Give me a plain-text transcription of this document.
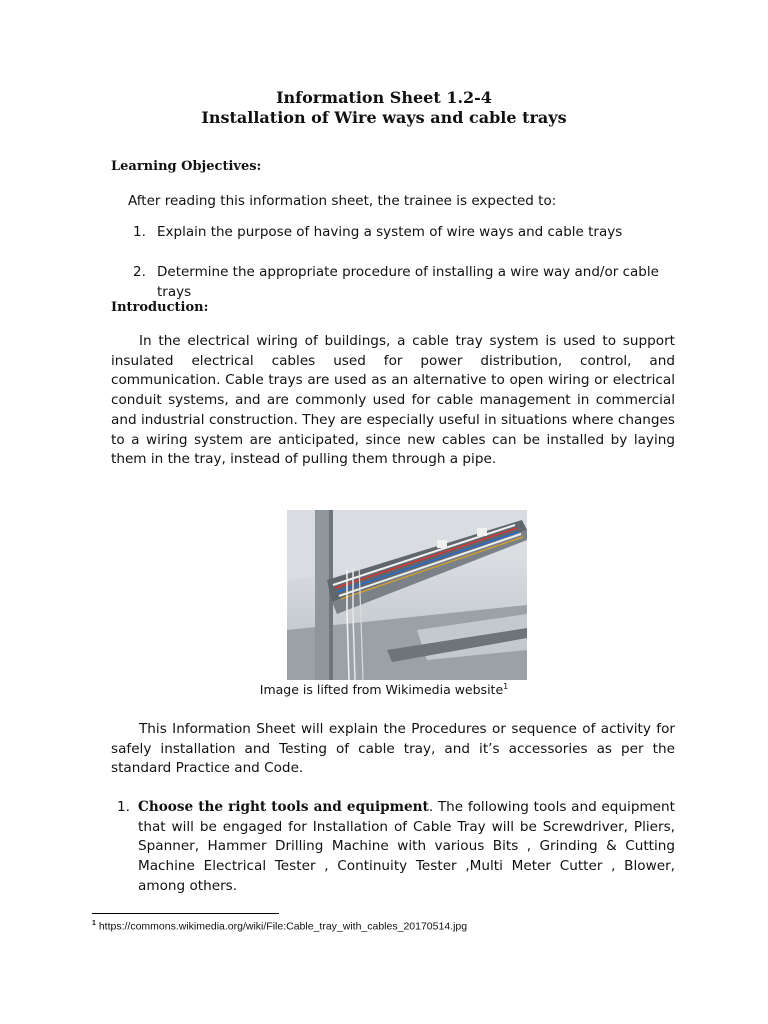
Information Sheet 1.2-4
Installation of Wire ways and cable trays
Learning Objectives:
After reading this information sheet, the trainee is expected to:
1. Explain the purpose of having a system of wire ways and cable trays
2. Determine the appropriate procedure of installing a wire way and/or cable trays
Introduction:
In the electrical wiring of buildings, a cable tray system is used to support insulated electrical cables used for power distribution, control, and communication. Cable trays are used as an alternative to open wiring or electrical conduit systems, and are commonly used for cable management in commercial and industrial construction. They are especially useful in situations where changes to a wiring system are anticipated, since new cables can be installed by laying them in the tray, instead of pulling them through a pipe.
Image is lifted from Wikimedia website$^1$
This Information Sheet will explain the Procedures or sequence of activity for safely installation and Testing of cable tray, and it’s accessories as per the standard Practice and Code.
1. Choose the right tools and equipment. The following tools and equipment that will be engaged for Installation of Cable Tray will be Screwdriver, Pliers, Spanner, Hammer Drilling Machine with various Bits , Grinding & Cutting Machine Electrical Tester , Continuity Tester ,Multi Meter Cutter , Blower, among others.
$^1$ https://commons.wikimedia.org/wiki/File:Cable_tray_with_cables_20170514.jpg
